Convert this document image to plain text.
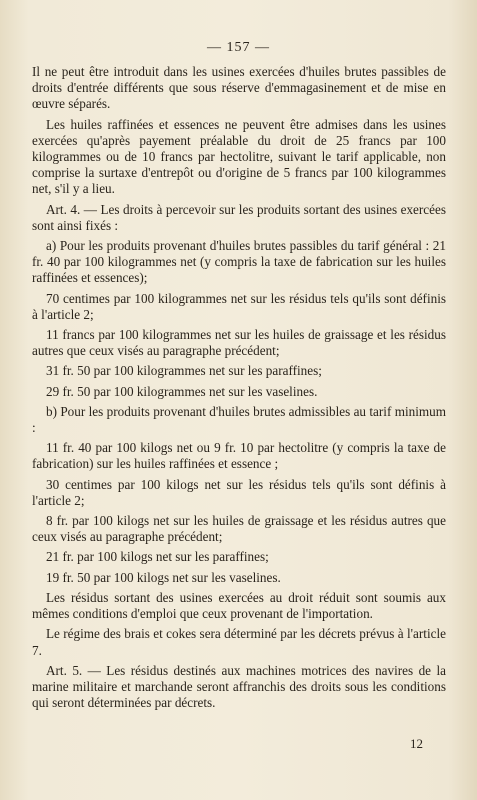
— 157 —

Il ne peut être introduit dans les usines exercées d'huiles brutes passibles de droits d'entrée différents que sous réserve d'emmagasinement et de mise en œuvre séparés.

Les huiles raffinées et essences ne peuvent être admises dans les usines exercées qu'après payement préalable du droit de 25 francs par 100 kilogrammes ou de 10 francs par hectolitre, suivant le tarif applicable, non comprise la surtaxe d'entrepôt ou d'origine de 5 francs par 100 kilogrammes net, s'il y a lieu.

Art. 4. — Les droits à percevoir sur les produits sortant des usines exercées sont ainsi fixés :

a) Pour les produits provenant d'huiles brutes passibles du tarif général : 21 fr. 40 par 100 kilogrammes net (y compris la taxe de fabrication sur les huiles raffinées et essences);

70 centimes par 100 kilogrammes net sur les résidus tels qu'ils sont définis à l'article 2;

11 francs par 100 kilogrammes net sur les huiles de graissage et les résidus autres que ceux visés au paragraphe précédent;

31 fr. 50 par 100 kilogrammes net sur les paraffines;

29 fr. 50 par 100 kilogrammes net sur les vaselines.

b) Pour les produits provenant d'huiles brutes admissibles au tarif minimum :

11 fr. 40 par 100 kilogs net ou 9 fr. 10 par hectolitre (y compris la taxe de fabrication) sur les huiles raffinées et essence ;

30 centimes par 100 kilogs net sur les résidus tels qu'ils sont définis à l'article 2;

8 fr. par 100 kilogs net sur les huiles de graissage et les résidus autres que ceux visés au paragraphe précédent;

21 fr. par 100 kilogs net sur les paraffines;

19 fr. 50 par 100 kilogs net sur les vaselines.

Les résidus sortant des usines exercées au droit réduit sont soumis aux mêmes conditions d'emploi que ceux provenant de l'importation.

Le régime des brais et cokes sera déterminé par les décrets prévus à l'article 7.

Art. 5. — Les résidus destinés aux machines motrices des navires de la marine militaire et marchande seront affranchis des droits sous les conditions qui seront déterminées par décrets.

12
